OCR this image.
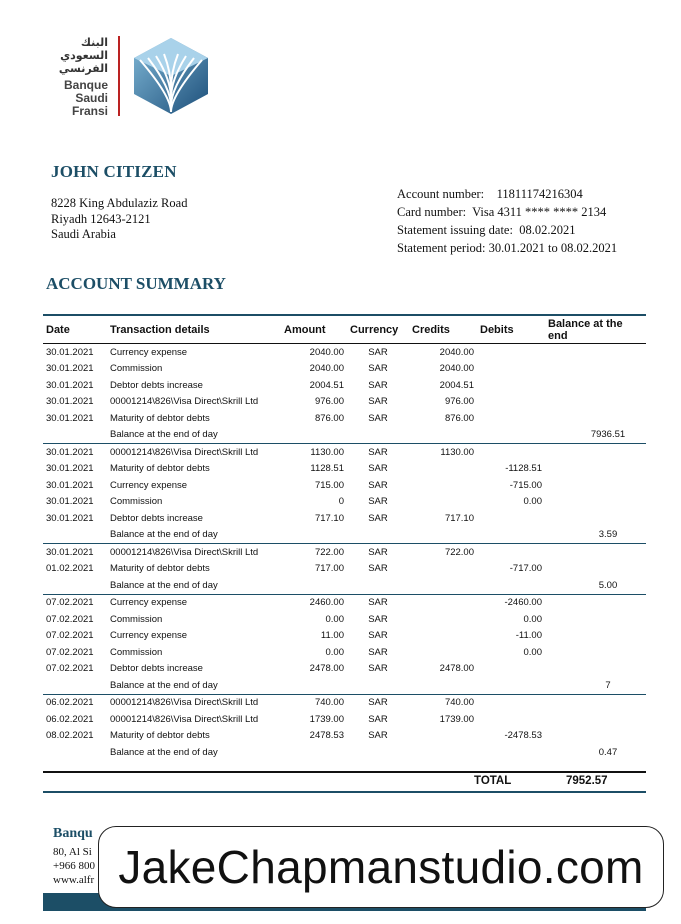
البنك
السعودي
الفرنسي
Banque
Saudi
Fransi
JOHN CITIZEN
8228 King Abdulaziz Road
Riyadh 12643-2121
Saudi Arabia
Account number:    11811174216304
Card number:  Visa 4311 **** **** 2134
Statement issuing date:  08.02.2021
Statement period: 30.01.2021 to 08.02.2021
ACCOUNT SUMMARY
Date	Transaction details	Amount	Currency	Credits	Debits	Balance at the end
30.01.2021	Currency expense	2040.00	SAR	2040.00		
30.01.2021	Commission	2040.00	SAR	2040.00		
30.01.2021	Debtor debts increase	2004.51	SAR	2004.51		
30.01.2021	00001214\826\Visa Direct\Skrill Ltd	976.00	SAR	976.00		
30.01.2021	Maturity of debtor debts	876.00	SAR	876.00		
	Balance at the end of day					7936.51
30.01.2021	00001214\826\Visa Direct\Skrill Ltd	1130.00	SAR	1130.00		
30.01.2021	Maturity of debtor debts	1128.51	SAR		-1128.51	
30.01.2021	Currency expense	715.00	SAR		-715.00	
30.01.2021	Commission	0	SAR		0.00	
30.01.2021	Debtor debts increase	717.10	SAR	717.10		
	Balance at the end of day					3.59
30.01.2021	00001214\826\Visa Direct\Skrill Ltd	722.00	SAR	722.00		
01.02.2021	Maturity of debtor debts	717.00	SAR		-717.00	
	Balance at the end of day					5.00
07.02.2021	Currency expense	2460.00	SAR		-2460.00	
07.02.2021	Commission	0.00	SAR		0.00	
07.02.2021	Currency expense	11.00	SAR		-11.00	
07.02.2021	Commission	0.00	SAR		0.00	
07.02.2021	Debtor debts increase	2478.00	SAR	2478.00		
	Balance at the end of day					7
06.02.2021	00001214\826\Visa Direct\Skrill Ltd	740.00	SAR	740.00		
06.02.2021	00001214\826\Visa Direct\Skrill Ltd	1739.00	SAR	1739.00		
08.02.2021	Maturity of debtor debts	2478.53	SAR		-2478.53	
	Balance at the end of day					0.47
TOTAL	7952.57
Banqu
80, Al Si
+966 800
www.alfr JakeChapmanstudio.com
